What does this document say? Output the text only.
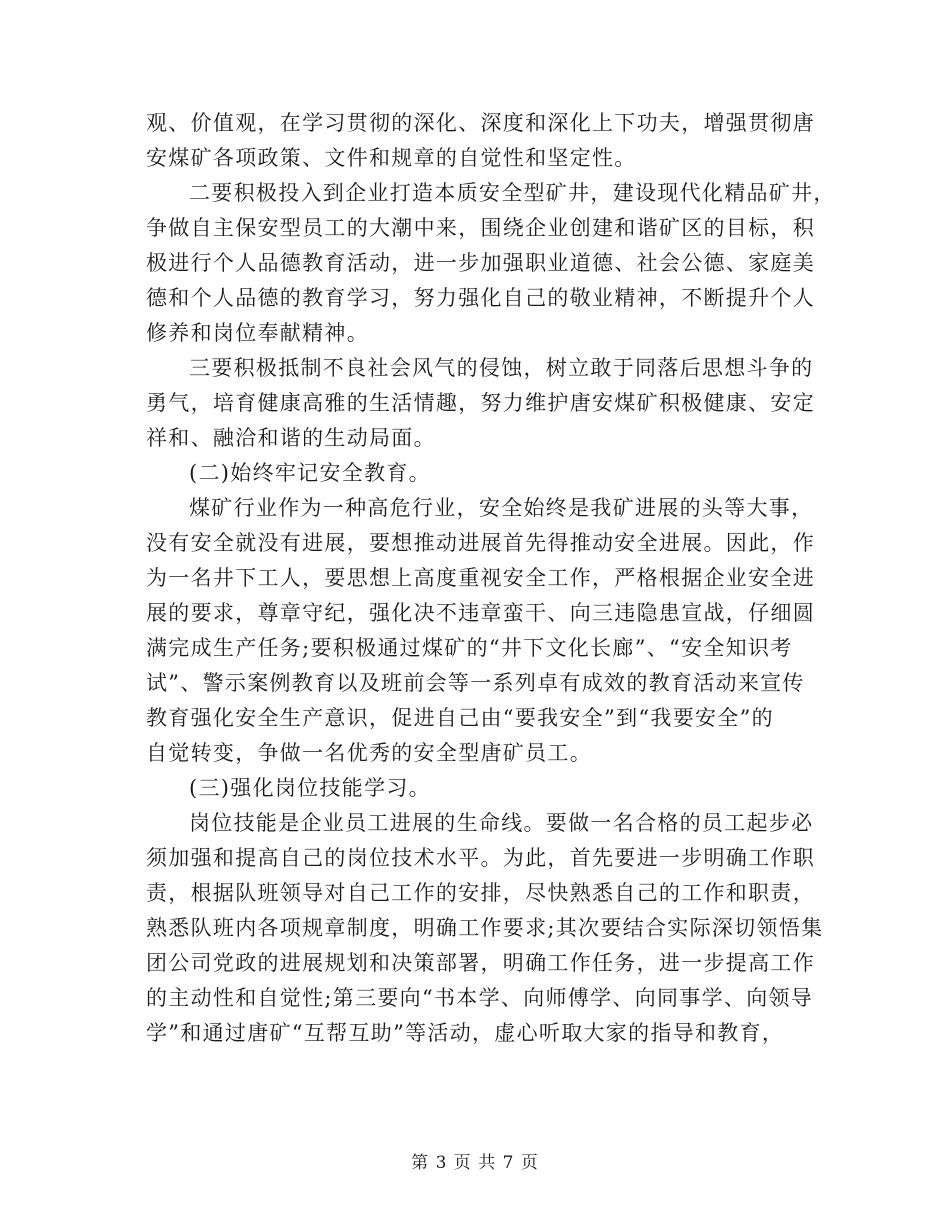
观、价值观，在学习贯彻的深化、深度和深化上下功夫，增强贯彻唐
安煤矿各项政策、文件和规章的自觉性和坚定性。
二要积极投入到企业打造本质安全型矿井，建设现代化精品矿井，
争做自主保安型员工的大潮中来，围绕企业创建和谐矿区的目标，积
极进行个人品德教育活动，进一步加强职业道德、社会公德、家庭美
德和个人品德的教育学习，努力强化自己的敬业精神，不断提升个人
修养和岗位奉献精神。
三要积极抵制不良社会风气的侵蚀，树立敢于同落后思想斗争的
勇气，培育健康高雅的生活情趣，努力维护唐安煤矿积极健康、安定
祥和、融洽和谐的生动局面。
(二)始终牢记安全教育。
煤矿行业作为一种高危行业，安全始终是我矿进展的头等大事，
没有安全就没有进展，要想推动进展首先得推动安全进展。因此，作
为一名井下工人，要思想上高度重视安全工作，严格根据企业安全进
展的要求，尊章守纪，强化决不违章蛮干、向三违隐患宣战，仔细圆
满完成生产任务;要积极通过煤矿的“井下文化长廊”、“安全知识考
试”、警示案例教育以及班前会等一系列卓有成效的教育活动来宣传
教育强化安全生产意识，促进自己由“要我安全”到“我要安全”的
自觉转变，争做一名优秀的安全型唐矿员工。
(三)强化岗位技能学习。
岗位技能是企业员工进展的生命线。要做一名合格的员工起步必
须加强和提高自己的岗位技术水平。为此，首先要进一步明确工作职
责，根据队班领导对自己工作的安排，尽快熟悉自己的工作和职责，
熟悉队班内各项规章制度，明确工作要求;其次要结合实际深切领悟集
团公司党政的进展规划和决策部署，明确工作任务，进一步提高工作
的主动性和自觉性;第三要向“书本学、向师傅学、向同事学、向领导
学”和通过唐矿“互帮互助”等活动，虚心听取大家的指导和教育，
第 3 页 共 7 页
